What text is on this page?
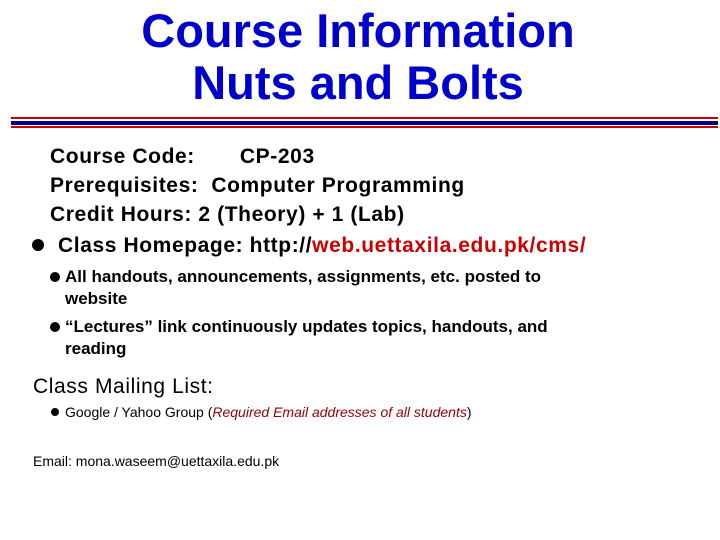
Course Information
Nuts and Bolts
Course Code:       CP-203
Prerequisites:  Computer Programming
Credit Hours: 2 (Theory) + 1 (Lab)
Class Homepage: http://web.uettaxila.edu.pk/cms/
All handouts, announcements, assignments, etc. posted to
website
“Lectures” link continuously updates topics, handouts, and
reading
Class Mailing List:
Google / Yahoo Group (Required Email addresses of all students)
Email: mona.waseem@uettaxila.edu.pk
